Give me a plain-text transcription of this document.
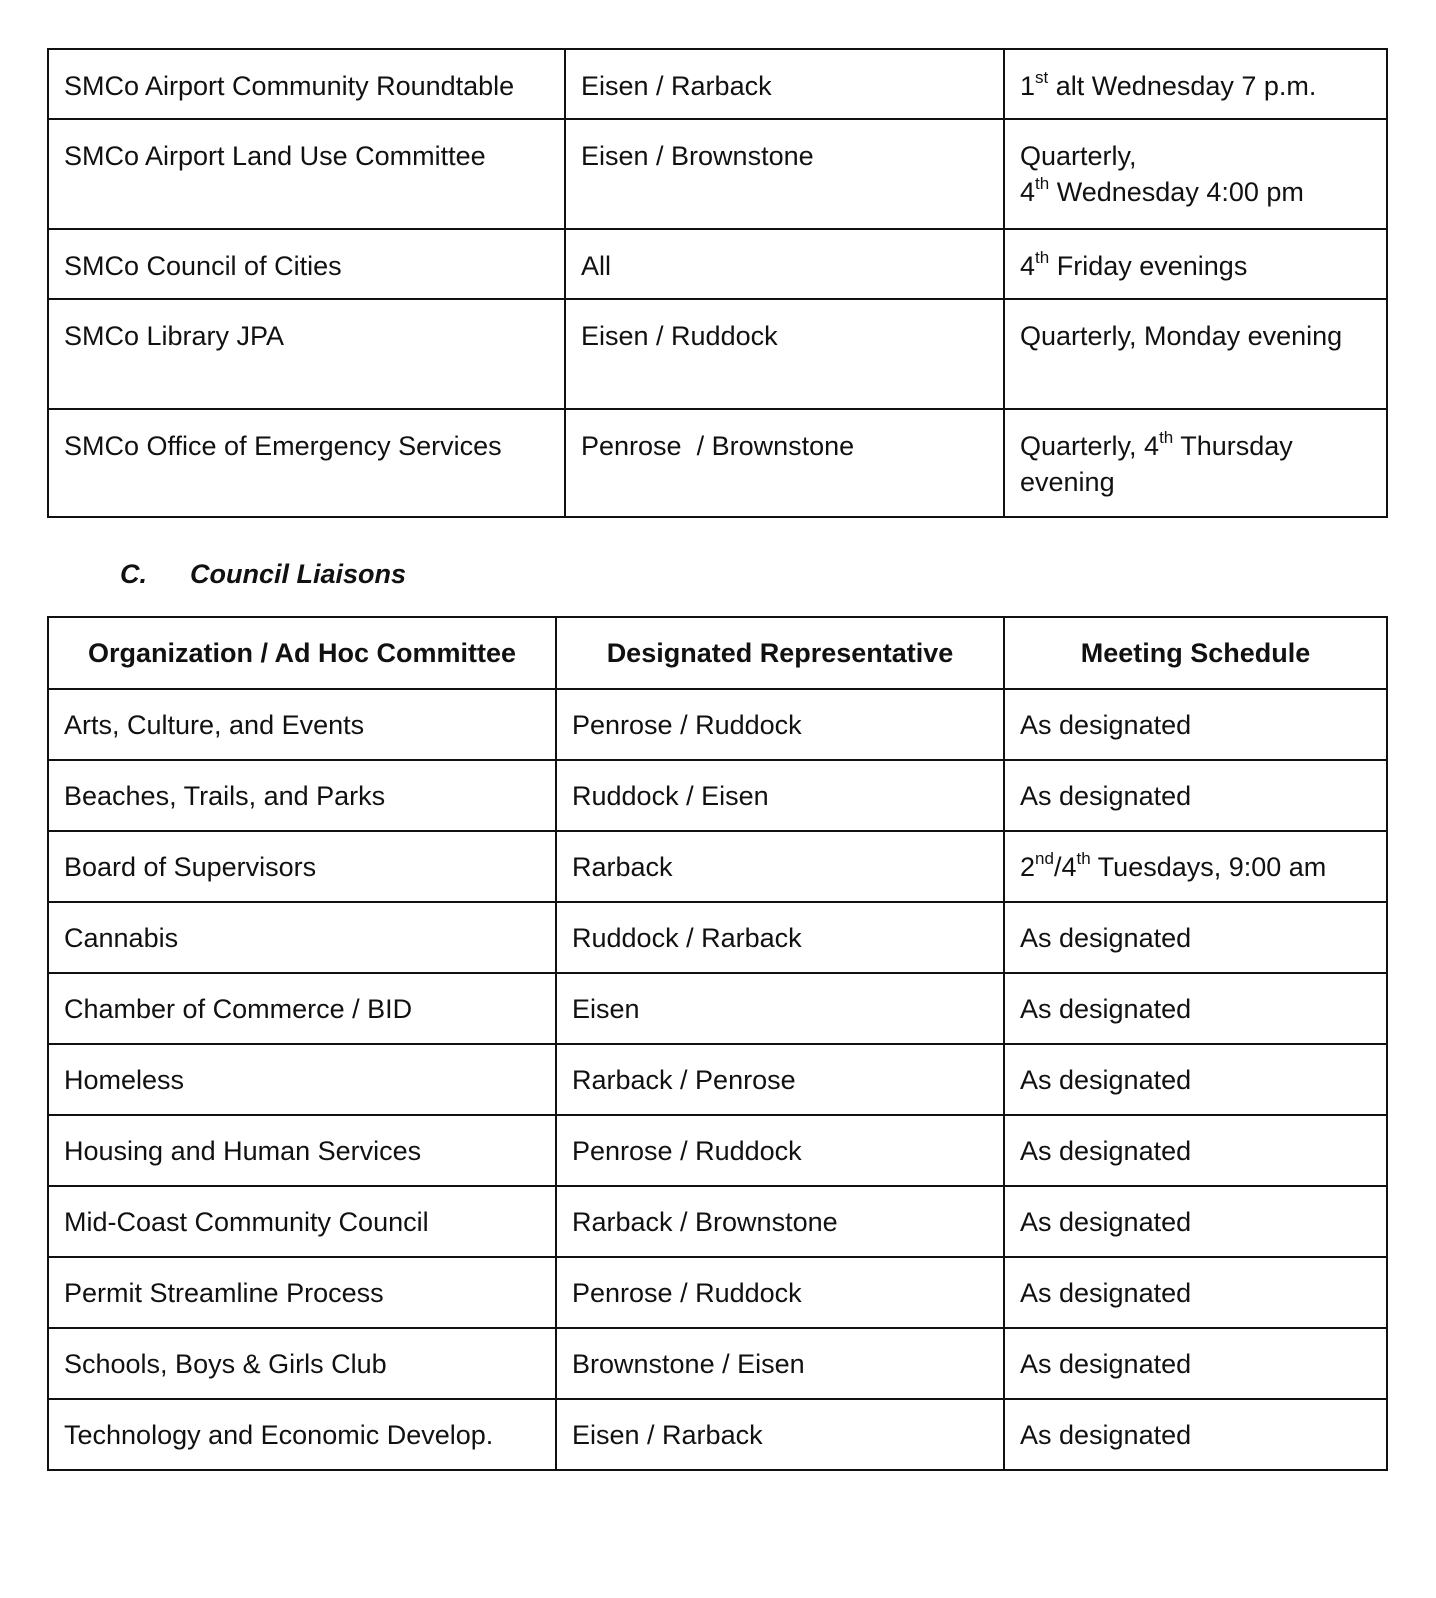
SMCo Airport Community Roundtable	Eisen / Rarback	1st alt Wednesday 7 p.m.
SMCo Airport Land Use Committee	Eisen / Brownstone	Quarterly,
4th Wednesday 4:00 pm
SMCo Council of Cities	All	4th Friday evenings
SMCo Library JPA	Eisen / Ruddock	Quarterly, Monday evening
SMCo Office of Emergency Services	Penrose  / Brownstone	Quarterly, 4th Thursday evening
C. Council Liaisons
Organization / Ad Hoc Committee	Designated Representative	Meeting Schedule
Arts, Culture, and Events	Penrose / Ruddock	As designated
Beaches, Trails, and Parks	Ruddock / Eisen	As designated
Board of Supervisors	Rarback	2nd/4th Tuesdays, 9:00 am
Cannabis	Ruddock / Rarback	As designated
Chamber of Commerce / BID	Eisen	As designated
Homeless	Rarback / Penrose	As designated
Housing and Human Services	Penrose / Ruddock	As designated
Mid-Coast Community Council	Rarback / Brownstone	As designated
Permit Streamline Process	Penrose / Ruddock	As designated
Schools, Boys & Girls Club	Brownstone / Eisen	As designated
Technology and Economic Develop.	Eisen / Rarback	As designated
